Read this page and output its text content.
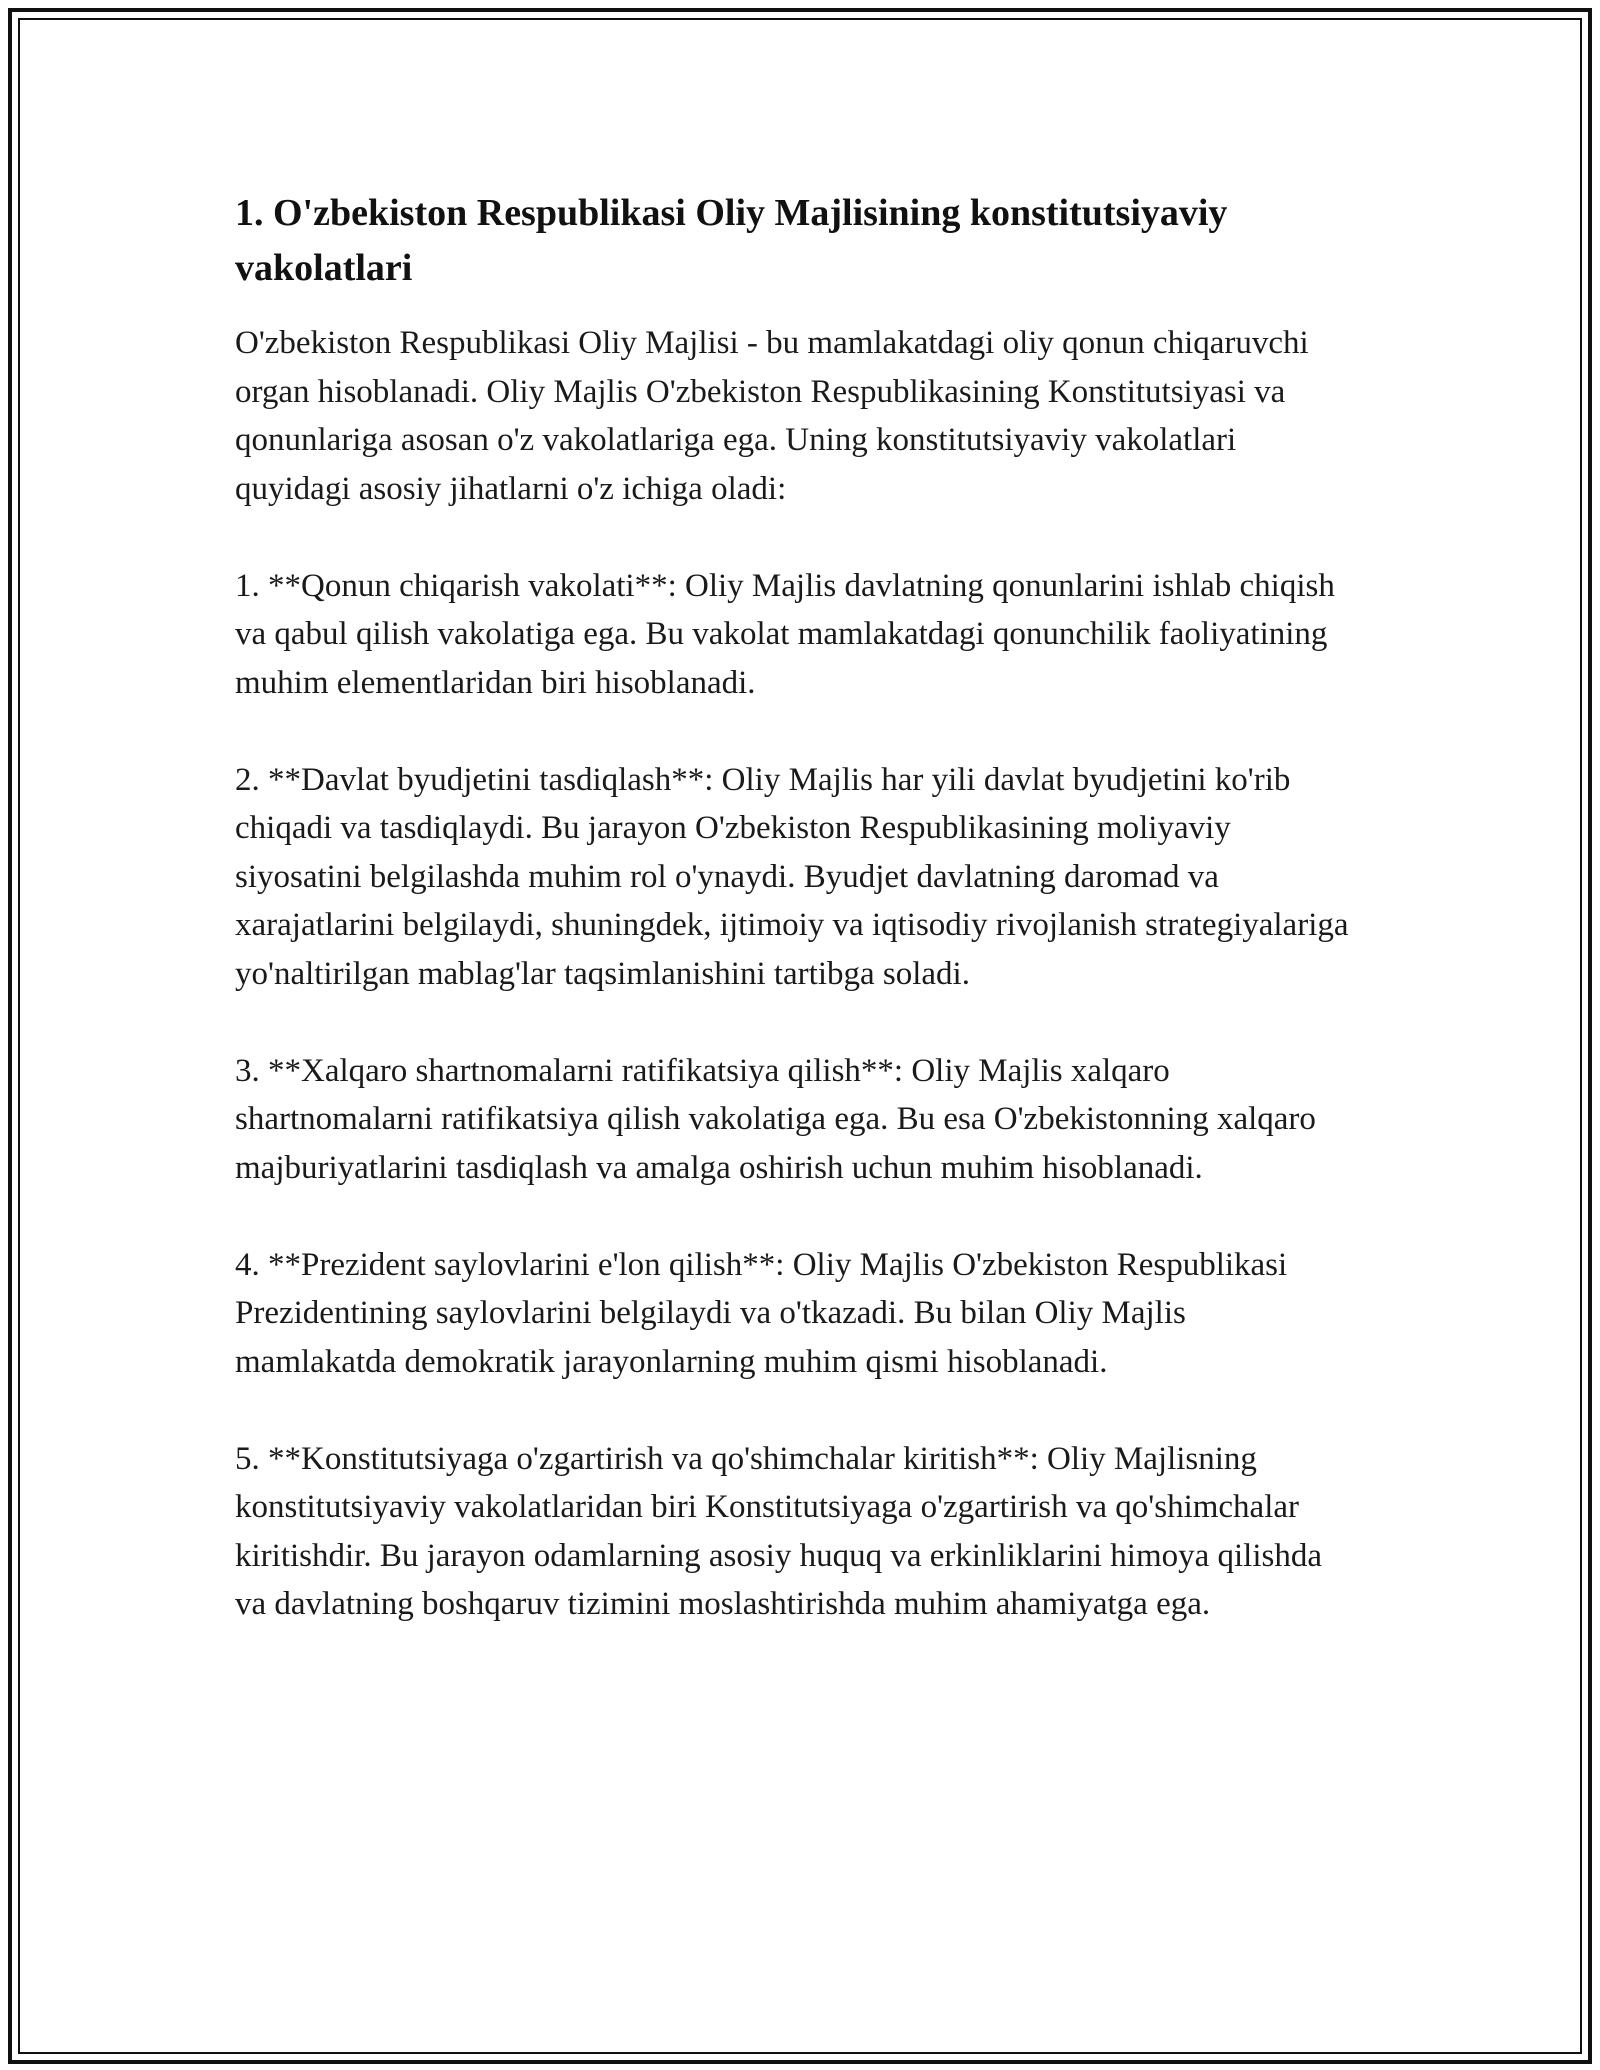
1. O'zbekiston Respublikasi Oliy Majlisining konstitutsiyaviy vakolatlari

O'zbekiston Respublikasi Oliy Majlisi - bu mamlakatdagi oliy qonun chiqaruvchi organ hisoblanadi. Oliy Majlis O'zbekiston Respublikasining Konstitutsiyasi va qonunlariga asosan o'z vakolatlariga ega. Uning konstitutsiyaviy vakolatlari quyidagi asosiy jihatlarni o'z ichiga oladi:

1. **Qonun chiqarish vakolati**: Oliy Majlis davlatning qonunlarini ishlab chiqish va qabul qilish vakolatiga ega. Bu vakolat mamlakatdagi qonunchilik faoliyatining muhim elementlaridan biri hisoblanadi.

2. **Davlat byudjetini tasdiqlash**: Oliy Majlis har yili davlat byudjetini ko'rib chiqadi va tasdiqlaydi. Bu jarayon O'zbekiston Respublikasining moliyaviy siyosatini belgilashda muhim rol o'ynaydi. Byudjet davlatning daromad va xarajatlarini belgilaydi, shuningdek, ijtimoiy va iqtisodiy rivojlanish strategiyalariga yo'naltirilgan mablag'lar taqsimlanishini tartibga soladi.

3. **Xalqaro shartnomalarni ratifikatsiya qilish**: Oliy Majlis xalqaro shartnomalarni ratifikatsiya qilish vakolatiga ega. Bu esa O'zbekistonning xalqaro majburiyatlarini tasdiqlash va amalga oshirish uchun muhim hisoblanadi.

4. **Prezident saylovlarini e'lon qilish**: Oliy Majlis O'zbekiston Respublikasi Prezidentining saylovlarini belgilaydi va o'tkazadi. Bu bilan Oliy Majlis mamlakatda demokratik jarayonlarning muhim qismi hisoblanadi.

5. **Konstitutsiyaga o'zgartirish va qo'shimchalar kiritish**: Oliy Majlisning konstitutsiyaviy vakolatlaridan biri Konstitutsiyaga o'zgartirish va qo'shimchalar kiritishdir. Bu jarayon odamlarning asosiy huquq va erkinliklarini himoya qilishda va davlatning boshqaruv tizimini moslashtirishda muhim ahamiyatga ega.
